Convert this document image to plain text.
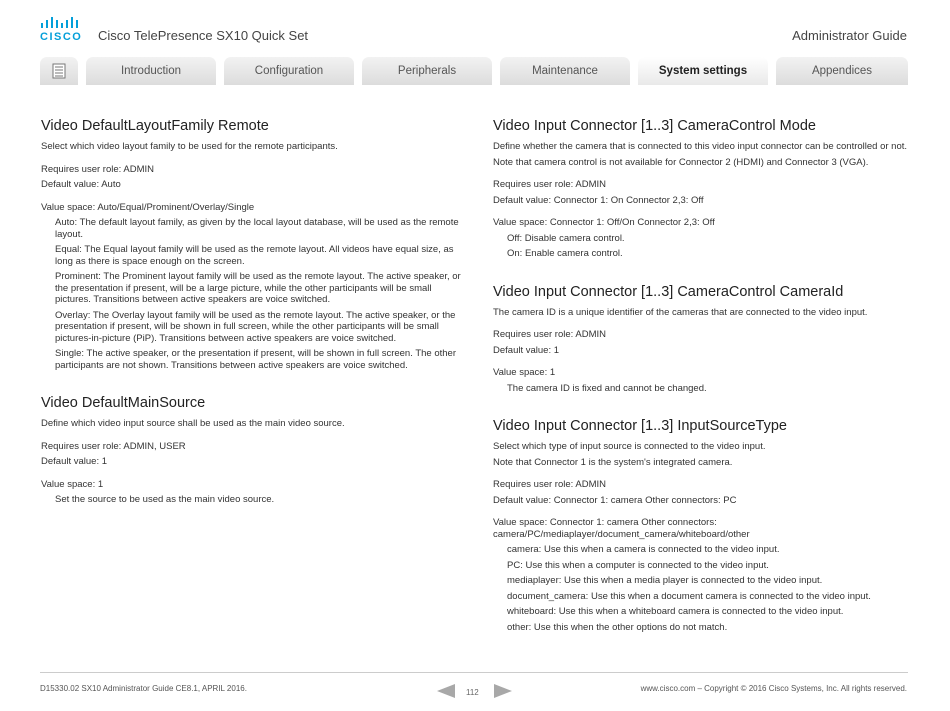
CISCO Cisco TelePresence SX10 Quick Set	Administrator Guide
Introduction	Configuration	Peripherals	Maintenance	System settings	Appendices
Video DefaultLayoutFamily Remote

Select which video layout family to be used for the remote participants.

Requires user role: ADMIN

Default value: Auto

Value space: Auto/Equal/Prominent/Overlay/Single

Auto: The default layout family, as given by the local layout database, will be used as the remote layout.

Equal: The Equal layout family will be used as the remote layout. All videos have equal size, as long as there is space enough on the screen.

Prominent: The Prominent layout family will be used as the remote layout. The active speaker, or the presentation if present, will be a large picture, while the other participants will be small pictures. Transitions between active speakers are voice switched.

Overlay: The Overlay layout family will be used as the remote layout. The active speaker, or the presentation if present, will be shown in full screen, while the other participants will be small pictures-in-picture (PiP). Transitions between active speakers are voice switched.

Single: The active speaker, or the presentation if present, will be shown in full screen. The other participants are not shown. Transitions between active speakers are voice switched.

Video DefaultMainSource

Define which video input source shall be used as the main video source.

Requires user role: ADMIN, USER

Default value: 1

Value space: 1

Set the source to be used as the main video source.

Video Input Connector [1..3] CameraControl Mode

Define whether the camera that is connected to this video input connector can be controlled or not.

Note that camera control is not available for Connector 2 (HDMI) and Connector 3 (VGA).

Requires user role: ADMIN

Default value: Connector 1: On Connector 2,3: Off

Value space: Connector 1: Off/On Connector 2,3: Off

Off: Disable camera control.

On: Enable camera control.

Video Input Connector [1..3] CameraControl CameraId

The camera ID is a unique identifier of the cameras that are connected to the video input.

Requires user role: ADMIN

Default value: 1

Value space: 1

The camera ID is fixed and cannot be changed.

Video Input Connector [1..3] InputSourceType

Select which type of input source is connected to the video input.

Note that Connector 1 is the system's integrated camera.

Requires user role: ADMIN

Default value: Connector 1: camera Other connectors: PC

Value space: Connector 1: camera Other connectors: camera/PC/mediaplayer/document_camera/whiteboard/other

camera: Use this when a camera is connected to the video input.

PC: Use this when a computer is connected to the video input.

mediaplayer: Use this when a media player is connected to the video input.

document_camera: Use this when a document camera is connected to the video input.

whiteboard: Use this when a whiteboard camera is connected to the video input.

other: Use this when the other options do not match.

D15330.02 SX10 Administrator Guide CE8.1, APRIL 2016.	112	www.cisco.com – Copyright © 2016 Cisco Systems, Inc. All rights reserved.
